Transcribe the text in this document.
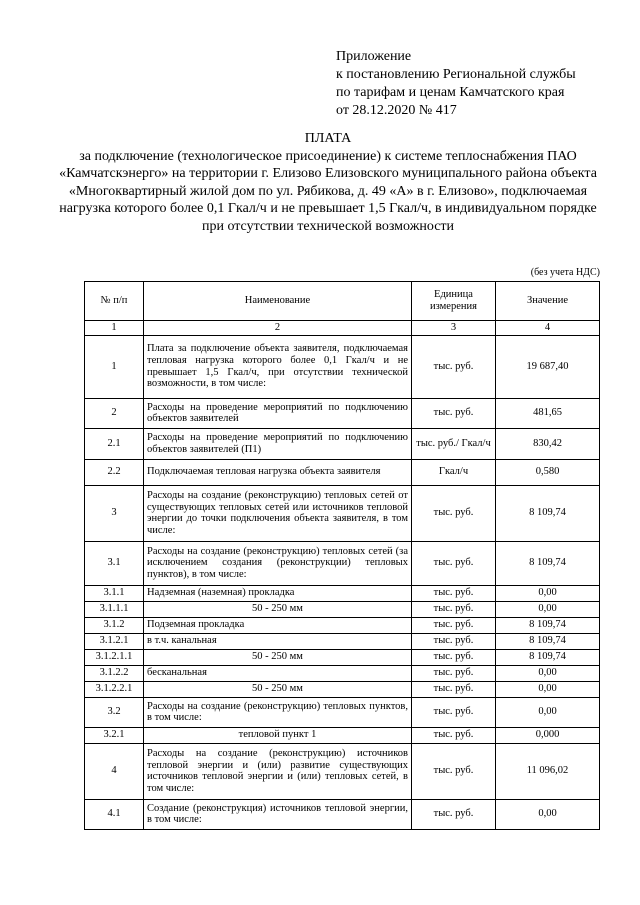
Приложение
к постановлению Региональной службы
по тарифам и ценам Камчатского края
от 28.12.2020 № 417
ПЛАТА
за подключение (технологическое присоединение) к системе теплоснабжения ПАО «Камчатскэнерго» на территории г. Елизово Елизовского муниципального района объекта «Многоквартирный жилой дом по ул. Рябикова, д. 49 «А» в г. Елизово», подключаемая нагрузка которого более 0,1 Гкал/ч и не превышает 1,5 Гкал/ч, в индивидуальном порядке при отсутствии технической возможности
(без учета НДС)
№ п/п	Наименование	Единица измерения	Значение
1	2	3	4
1	Плата за подключение объекта заявителя, подключаемая тепловая нагрузка которого более 0,1 Гкал/ч и не превышает 1,5 Гкал/ч, при отсутствии технической возможности, в том числе:	тыс. руб.	19 687,40
2	Расходы на проведение мероприятий по подключению объектов заявителей	тыс. руб.	481,65
2.1	Расходы на проведение мероприятий по подключению объектов заявителей (П1)	тыс. руб./ Гкал/ч	830,42
2.2	Подключаемая тепловая нагрузка объекта заявителя	Гкал/ч	0,580
3	Расходы на создание (реконструкцию) тепловых сетей от существующих тепловых сетей или источников тепловой энергии до точки подключения объекта заявителя, в том числе:	тыс. руб.	8 109,74
3.1	Расходы на создание (реконструкцию) тепловых сетей (за исключением создания (реконструкции) тепловых пунктов), в том числе:	тыс. руб.	8 109,74
3.1.1	Надземная (наземная) прокладка	тыс. руб.	0,00
3.1.1.1	50 - 250 мм	тыс. руб.	0,00
3.1.2	Подземная прокладка	тыс. руб.	8 109,74
3.1.2.1	в т.ч. канальная	тыс. руб.	8 109,74
3.1.2.1.1	50 - 250 мм	тыс. руб.	8 109,74
3.1.2.2	бесканальная	тыс. руб.	0,00
3.1.2.2.1	50 - 250 мм	тыс. руб.	0,00
3.2	Расходы на создание (реконструкцию) тепловых пунктов, в том числе:	тыс. руб.	0,00
3.2.1	тепловой пункт 1	тыс. руб.	0,000
4	Расходы на создание (реконструкцию) источников тепловой энергии и (или) развитие существующих источников тепловой энергии и (или) тепловых сетей, в том числе:	тыс. руб.	11 096,02
4.1	Создание (реконструкция) источников тепловой энергии, в том числе:	тыс. руб.	0,00
